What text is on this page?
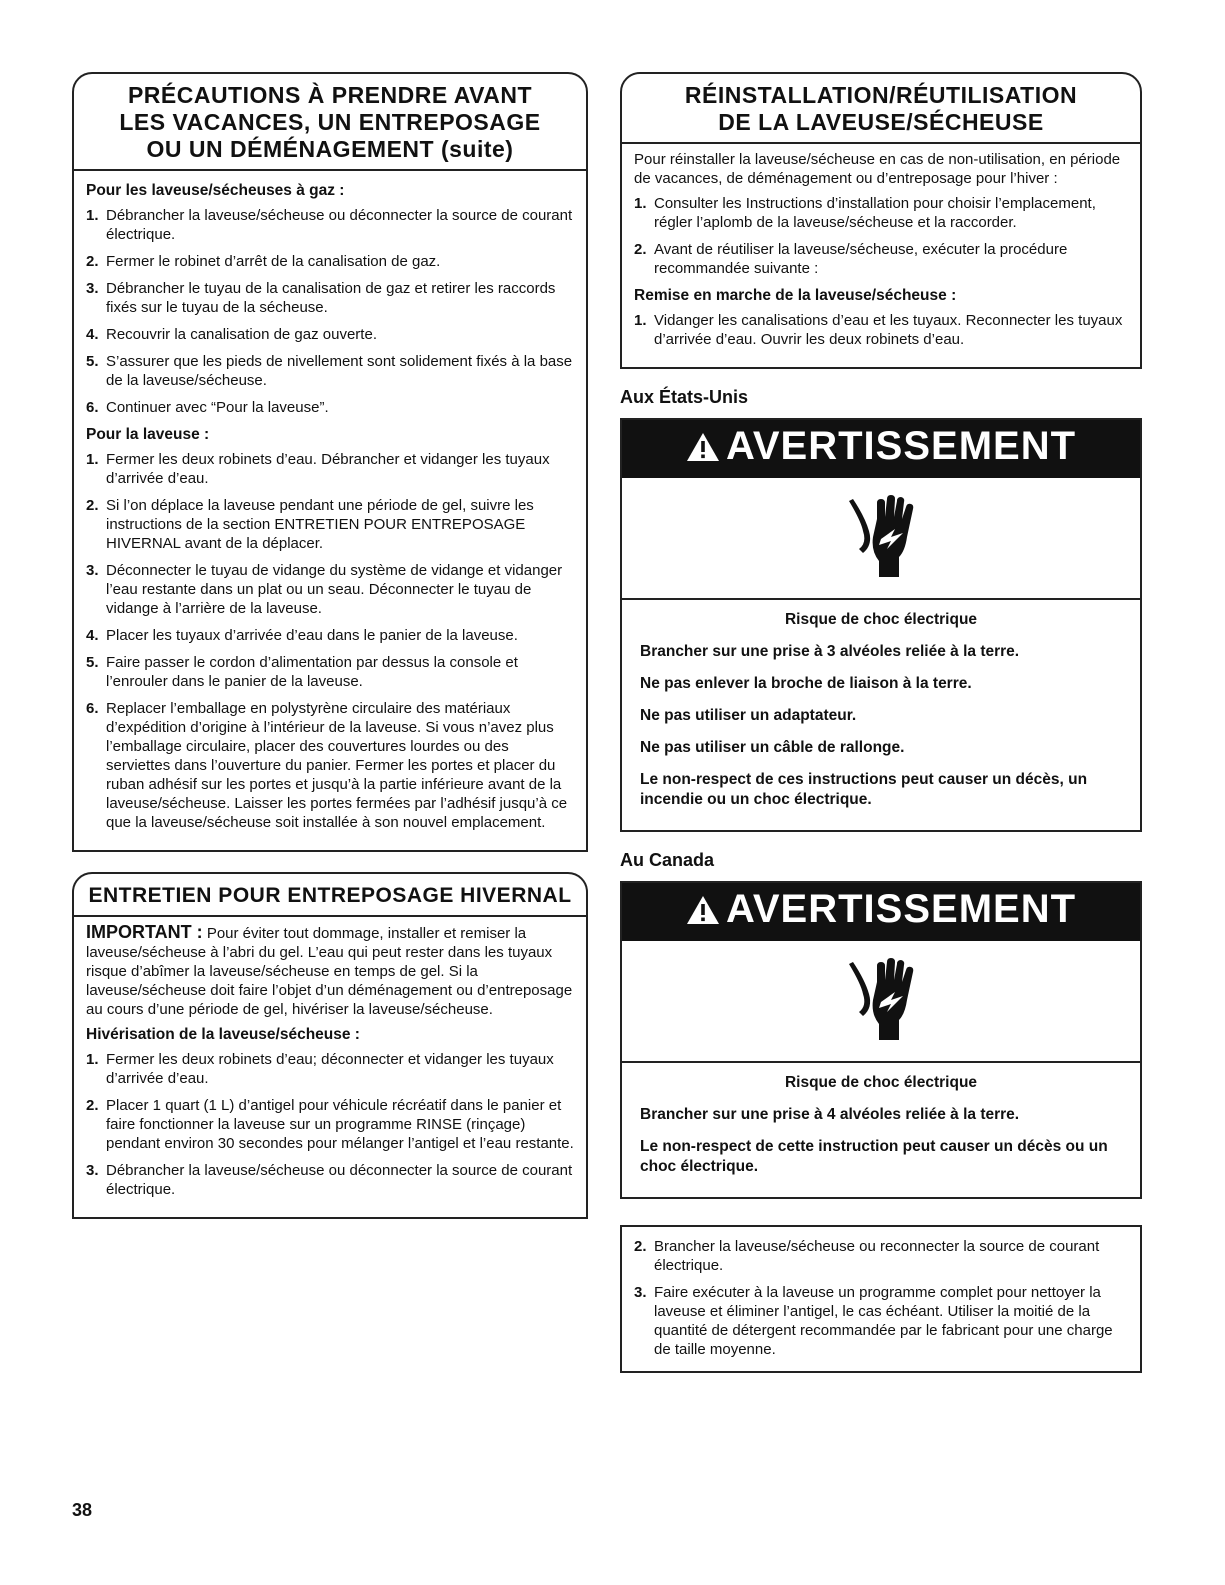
PRÉCAUTIONS À PRENDRE AVANT
LES VACANCES, UN ENTREPOSAGE
OU UN DÉMÉNAGEMENT (suite)
Pour les laveuse/sécheuses à gaz :
1. Débrancher la laveuse/sécheuse ou déconnecter la source de courant électrique.
2. Fermer le robinet d’arrêt de la canalisation de gaz.
3. Débrancher le tuyau de la canalisation de gaz et retirer les raccords fixés sur le tuyau de la sécheuse.
4. Recouvrir la canalisation de gaz ouverte.
5. S’assurer que les pieds de nivellement sont solidement fixés à la base de la laveuse/sécheuse.
6. Continuer avec “Pour la laveuse”.
Pour la laveuse :
1. Fermer les deux robinets d’eau. Débrancher et vidanger les tuyaux d’arrivée d’eau.
2. Si l’on déplace la laveuse pendant une période de gel, suivre les instructions de la section ENTRETIEN POUR ENTREPOSAGE HIVERNAL avant de la déplacer.
3. Déconnecter le tuyau de vidange du système de vidange et vidanger l’eau restante dans un plat ou un seau. Déconnecter le tuyau de vidange à l’arrière de la laveuse.
4. Placer les tuyaux d’arrivée d’eau dans le panier de la laveuse.
5. Faire passer le cordon d’alimentation par dessus la console et l’enrouler dans le panier de la laveuse.
6. Replacer l’emballage en polystyrène circulaire des matériaux d’expédition d’origine à l’intérieur de la laveuse. Si vous n’avez plus l’emballage circulaire, placer des couvertures lourdes ou des serviettes dans l’ouverture du panier. Fermer les portes et placer du ruban adhésif sur les portes et jusqu’à la partie inférieure avant de la laveuse/sécheuse. Laisser les portes fermées par l’adhésif jusqu’à ce que la laveuse/sécheuse soit installée à son nouvel emplacement.
ENTRETIEN POUR ENTREPOSAGE HIVERNAL

IMPORTANT : Pour éviter tout dommage, installer et remiser la laveuse/sécheuse à l’abri du gel. L’eau qui peut rester dans les tuyaux risque d’abîmer la laveuse/sécheuse en temps de gel. Si la laveuse/sécheuse doit faire l’objet d’un déménagement ou d’entreposage au cours d’une période de gel, hivériser la laveuse/sécheuse.

Hivérisation de la laveuse/sécheuse :
1. Fermer les deux robinets d’eau; déconnecter et vidanger les tuyaux d’arrivée d’eau.
2. Placer 1 quart (1 L) d’antigel pour véhicule récréatif dans le panier et faire fonctionner la laveuse sur un programme RINSE (rinçage) pendant environ 30 secondes pour mélanger l’antigel et l’eau restante.
3. Débrancher la laveuse/sécheuse ou déconnecter la source de courant électrique.
RÉINSTALLATION/RÉUTILISATION
DE LA LAVEUSE/SÉCHEUSE

Pour réinstaller la laveuse/sécheuse en cas de non-utilisation, en période de vacances, de déménagement ou d’entreposage pour l’hiver :

1. Consulter les Instructions d’installation pour choisir l’emplacement, régler l’aplomb de la laveuse/sécheuse et la raccorder.
2. Avant de réutiliser la laveuse/sécheuse, exécuter la procédure recommandée suivante :
Remise en marche de la laveuse/sécheuse :
1. Vidanger les canalisations d’eau et les tuyaux. Reconnecter les tuyaux d’arrivée d’eau. Ouvrir les deux robinets d’eau.
Aux États-Unis
AVERTISSEMENT
Risque de choc électrique
Brancher sur une prise à 3 alvéoles reliée à la terre.
Ne pas enlever la broche de liaison à la terre.
Ne pas utiliser un adaptateur.
Ne pas utiliser un câble de rallonge.
Le non-respect de ces instructions peut causer un décès, un incendie ou un choc électrique.
Au Canada
AVERTISSEMENT
Risque de choc électrique
Brancher sur une prise à 4 alvéoles reliée à la terre.
Le non-respect de cette instruction peut causer un décès ou un choc électrique.
2. Brancher la laveuse/sécheuse ou reconnecter la source de courant électrique.
3. Faire exécuter à la laveuse un programme complet pour nettoyer la laveuse et éliminer l’antigel, le cas échéant. Utiliser la moitié de la quantité de détergent recommandée par le fabricant pour une charge de taille moyenne.
38
